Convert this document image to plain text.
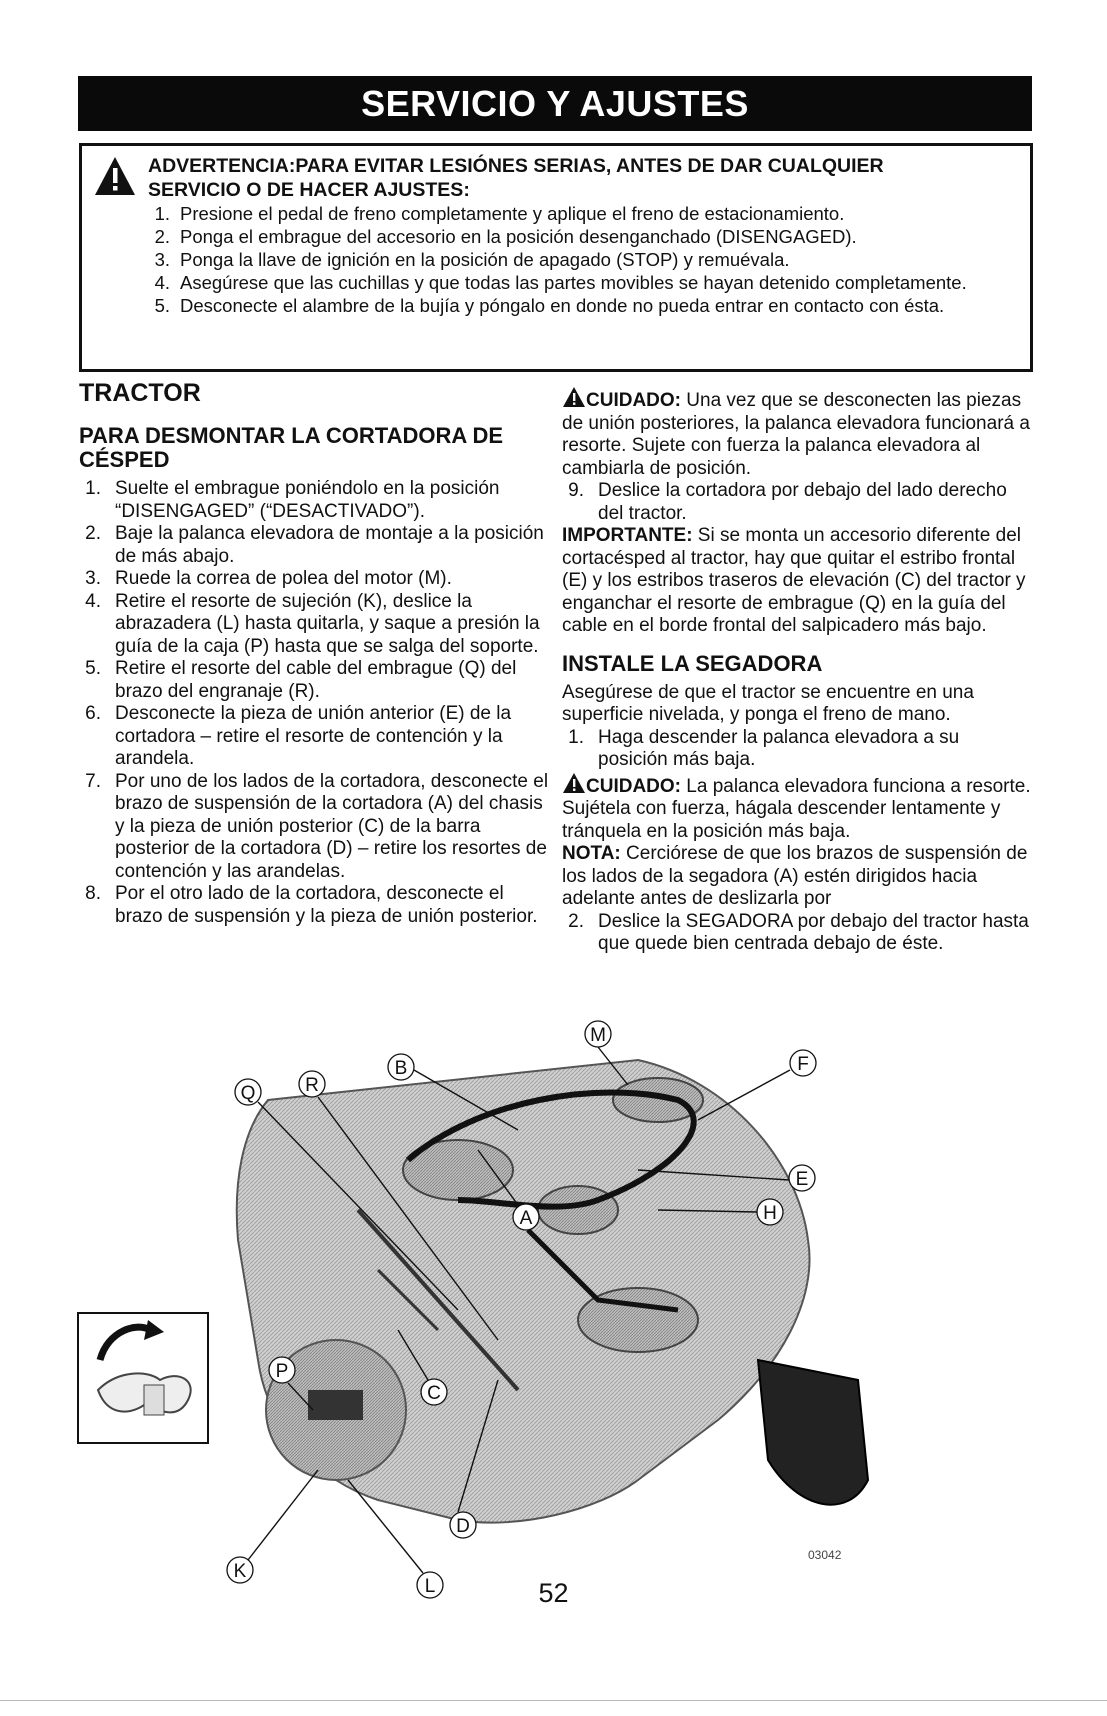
SERVICIO Y AJUSTES
ADVERTENCIA:PARA EVITAR LESIÓNES SERIAS, ANTES DE DAR CUALQUIER
SERVICIO O DE HACER AJUSTES:
1. Presione el pedal de freno completamente y aplique el freno de estacionamiento.
2. Ponga el embrague del accesorio en la posición desenganchado (DISENGAGED).
3. Ponga la llave de ignición en la posición de apagado (STOP) y remuévala.
4. Asegúrese que las cuchillas y que todas las partes movibles se hayan detenido completamente.
5. Desconecte el alambre de la bujía y póngalo en donde no pueda entrar en contacto con ésta.
TRACTOR
PARA DESMONTAR LA CORTADORA DE CÉSPED
1. Suelte el embrague poniéndolo en la posición “DISENGAGED” (“DESACTIVADO”).
2. Baje la palanca elevadora de montaje a la posición de más abajo.
3. Ruede la correa de polea del motor (M).
4. Retire el resorte de sujeción (K), deslice la abrazadera (L) hasta quitarla, y saque a presión la guía de la caja (P) hasta que se salga del soporte.
5. Retire el resorte del cable del embrague (Q) del brazo del engranaje (R).
6. Desconecte la pieza de unión anterior (E) de la cortadora – retire el resorte de contención y la arandela.
7. Por uno de los lados de la cortadora, desconecte el brazo de suspensión de la cortadora (A) del chasis y la pieza de unión posterior (C) de la barra posterior de la cortadora (D) – retire los resortes de contención y las arandelas.
8. Por el otro lado de la cortadora, desconecte el brazo de suspensión y la pieza de unión posterior.

CUIDADO: Una vez que se desconecten las piezas de unión posteriores, la palanca elevadora funcionará a resorte. Sujete con fuerza la palanca elevadora al cambiarla de posición.

9. Deslice la cortadora por debajo del lado derecho del tractor.

IMPORTANTE: Si se monta un accesorio diferente del cortacésped al tractor, hay que quitar el estribo frontal (E) y los estribos traseros de elevación (C) del tractor y enganchar el resorte de embrague (Q) en la guía del cable en el borde frontal del salpicadero más bajo.

INSTALE LA SEGADORA

Asegúrese de que el tractor se encuentre en una superficie nivelada, y ponga el freno de mano.

1. Haga descender la palanca elevadora a su posición más baja.

CUIDADO: La palanca elevadora funciona a resorte. Sujétela con fuerza, hágala descender lentamente y tránquela en la posición más baja.

NOTA: Cerciórese de que los brazos de suspensión de los lados de la segadora (A) estén dirigidos hacia adelante antes de deslizarla por

2. Deslice la SEGADORA por debajo del tractor hasta que quede bien centrada debajo de éste.
M
B	F
Q	R
E
A	H
P
C
D
K
L
03042
52
